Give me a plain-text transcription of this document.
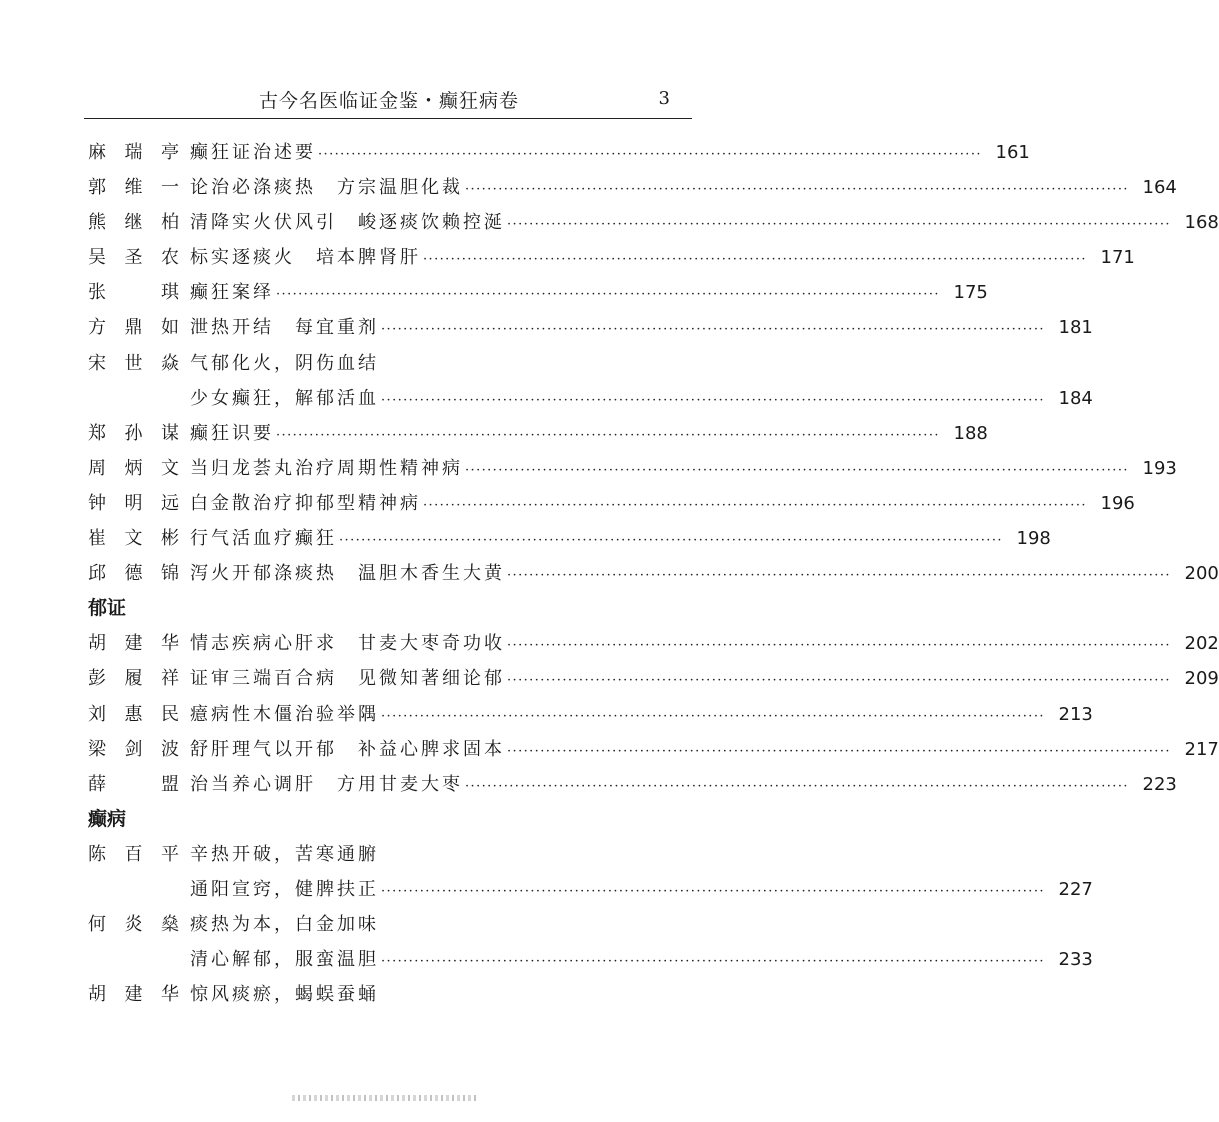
古今名医临证金鉴・癫狂病卷	3
麻瑞亭 癫狂证治述要 ························································································································ 161
郭维一 论治必涤痰热　方宗温胆化裁 ························································································································ 164
熊继柏 清降实火伏风引　峻逐痰饮赖控涎 ························································································································ 168
吴圣农 标实逐痰火　培本脾肾肝 ························································································································ 171
张琪 癫狂案绎 ························································································································ 175
方鼎如 泄热开结　每宜重剂 ························································································································ 181
宋世焱 气郁化火，阴伤血结
少女癫狂，解郁活血 ························································································································ 184
郑孙谋 癫狂识要 ························································································································ 188
周炳文 当归龙荟丸治疗周期性精神病 ························································································································ 193
钟明远 白金散治疗抑郁型精神病 ························································································································ 196
崔文彬 行气活血疗癫狂 ························································································································ 198
邱德锦 泻火开郁涤痰热　温胆木香生大黄 ························································································································ 200
郁证
胡建华 情志疾病心肝求　甘麦大枣奇功收 ························································································································ 202
彭履祥 证审三端百合病　见微知著细论郁 ························································································································ 209
刘惠民 癔病性木僵治验举隅 ························································································································ 213
梁剑波 舒肝理气以开郁　补益心脾求固本 ························································································································ 217
薛盟 治当养心调肝　方用甘麦大枣 ························································································································ 223
癫病
陈百平 辛热开破，苦寒通腑
通阳宣窍，健脾扶正 ························································································································ 227
何炎燊 痰热为本，白金加味
清心解郁，服蛮温胆 ························································································································ 233
胡建华 惊风痰瘀，蝎蜈蚕蛹
